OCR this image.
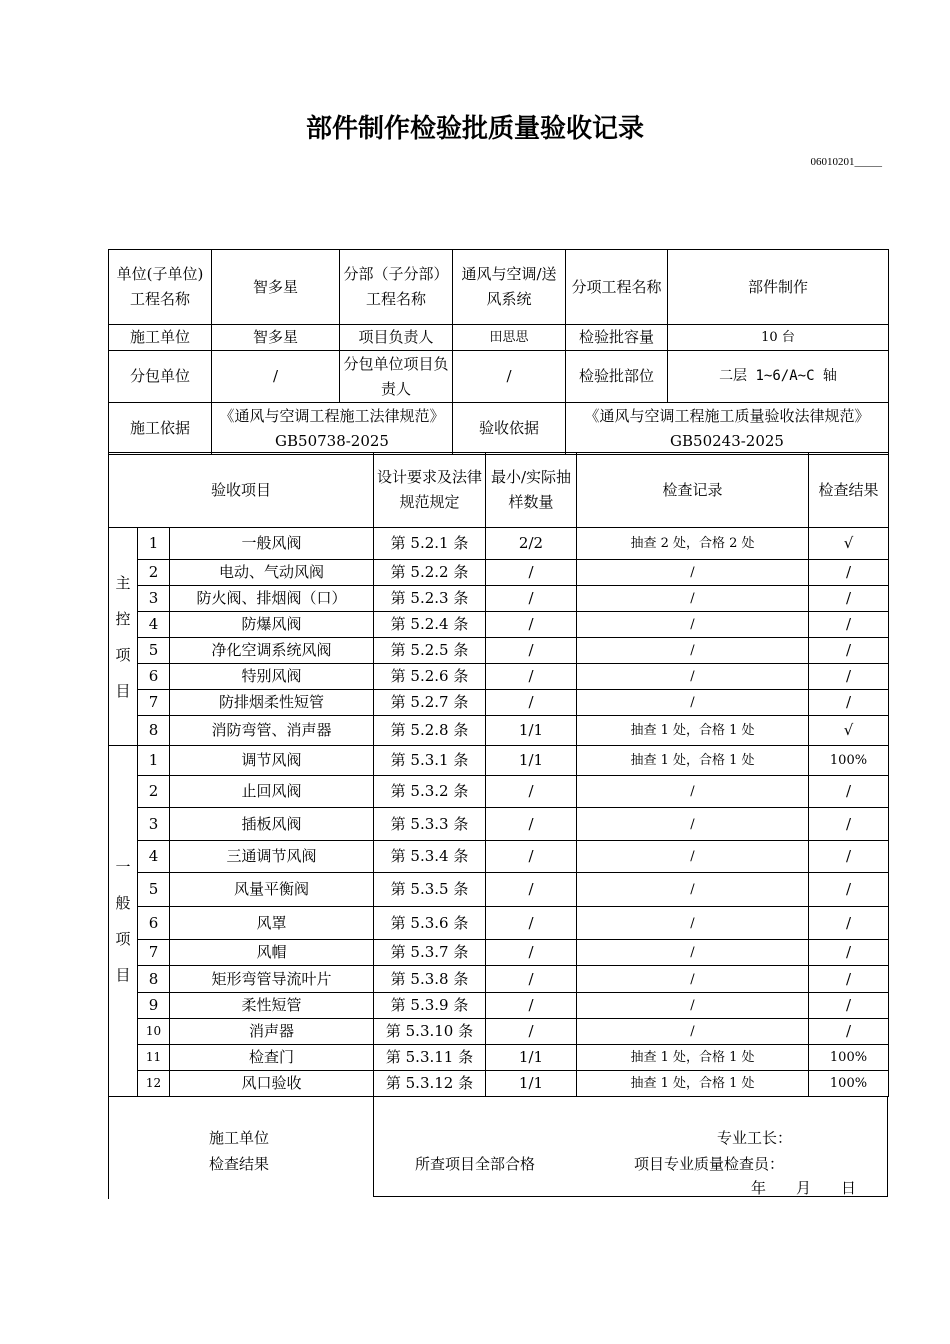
部件制作检验批质量验收记录
06010201_____
单位(子单位)工程名称	智多星	分部（子分部）工程名称	通风与空调/送风系统	分项工程名称	部件制作
施工单位	智多星	项目负责人	田思思	检验批容量	10 台
分包单位	/	分包单位项目负责人	/	检验批部位	二层 1~6/A~C 轴
施工依据	《通风与空调工程施工法律规范》GB50738-2025		验收依据	《通风与空调工程施工质量验收法律规范》GB50243-2025	
验收项目			设计要求及法律规范规定	最小/实际抽样数量	检查记录	检查结果

主
控
项
目	1	一般风阀	第 5.2.1 条	2/2	抽查 2 处，合格 2 处	√
	2	电动、气动风阀	第 5.2.2 条	/	/	/
	3	防火阀、排烟阀（口）	第 5.2.3 条	/	/	/
	4	防爆风阀	第 5.2.4 条	/	/	/
	5	净化空调系统风阀	第 5.2.5 条	/	/	/
	6	特别风阀	第 5.2.6 条	/	/	/
	7	防排烟柔性短管	第 5.2.7 条	/	/	/
	8	消防弯管、消声器	第 5.2.8 条	1/1	抽查 1 处，合格 1 处	√

一
般
项
目	1	调节风阀	第 5.3.1 条	1/1	抽查 1 处，合格 1 处	100%
	2	止回风阀	第 5.3.2 条	/	/	/
	3	插板风阀	第 5.3.3 条	/	/	/
	4	三通调节风阀	第 5.3.4 条	/	/	/
	5	风量平衡阀	第 5.3.5 条	/	/	/
	6	风罩	第 5.3.6 条	/	/	/
	7	风帽	第 5.3.7 条	/	/	/
	8	矩形弯管导流叶片	第 5.3.8 条	/	/	/
	9	柔性短管	第 5.3.9 条	/	/	/
	10	消声器	第 5.3.10 条	/	/	/
	11	检查门	第 5.3.11 条	1/1	抽查 1 处，合格 1 处	100%
	12	风口验收	第 5.3.12 条	1/1	抽查 1 处，合格 1 处	100%
施工单位
检查结果	所查项目全部合格
专业工长：
项目专业质量检查员：
年　　月　　日
